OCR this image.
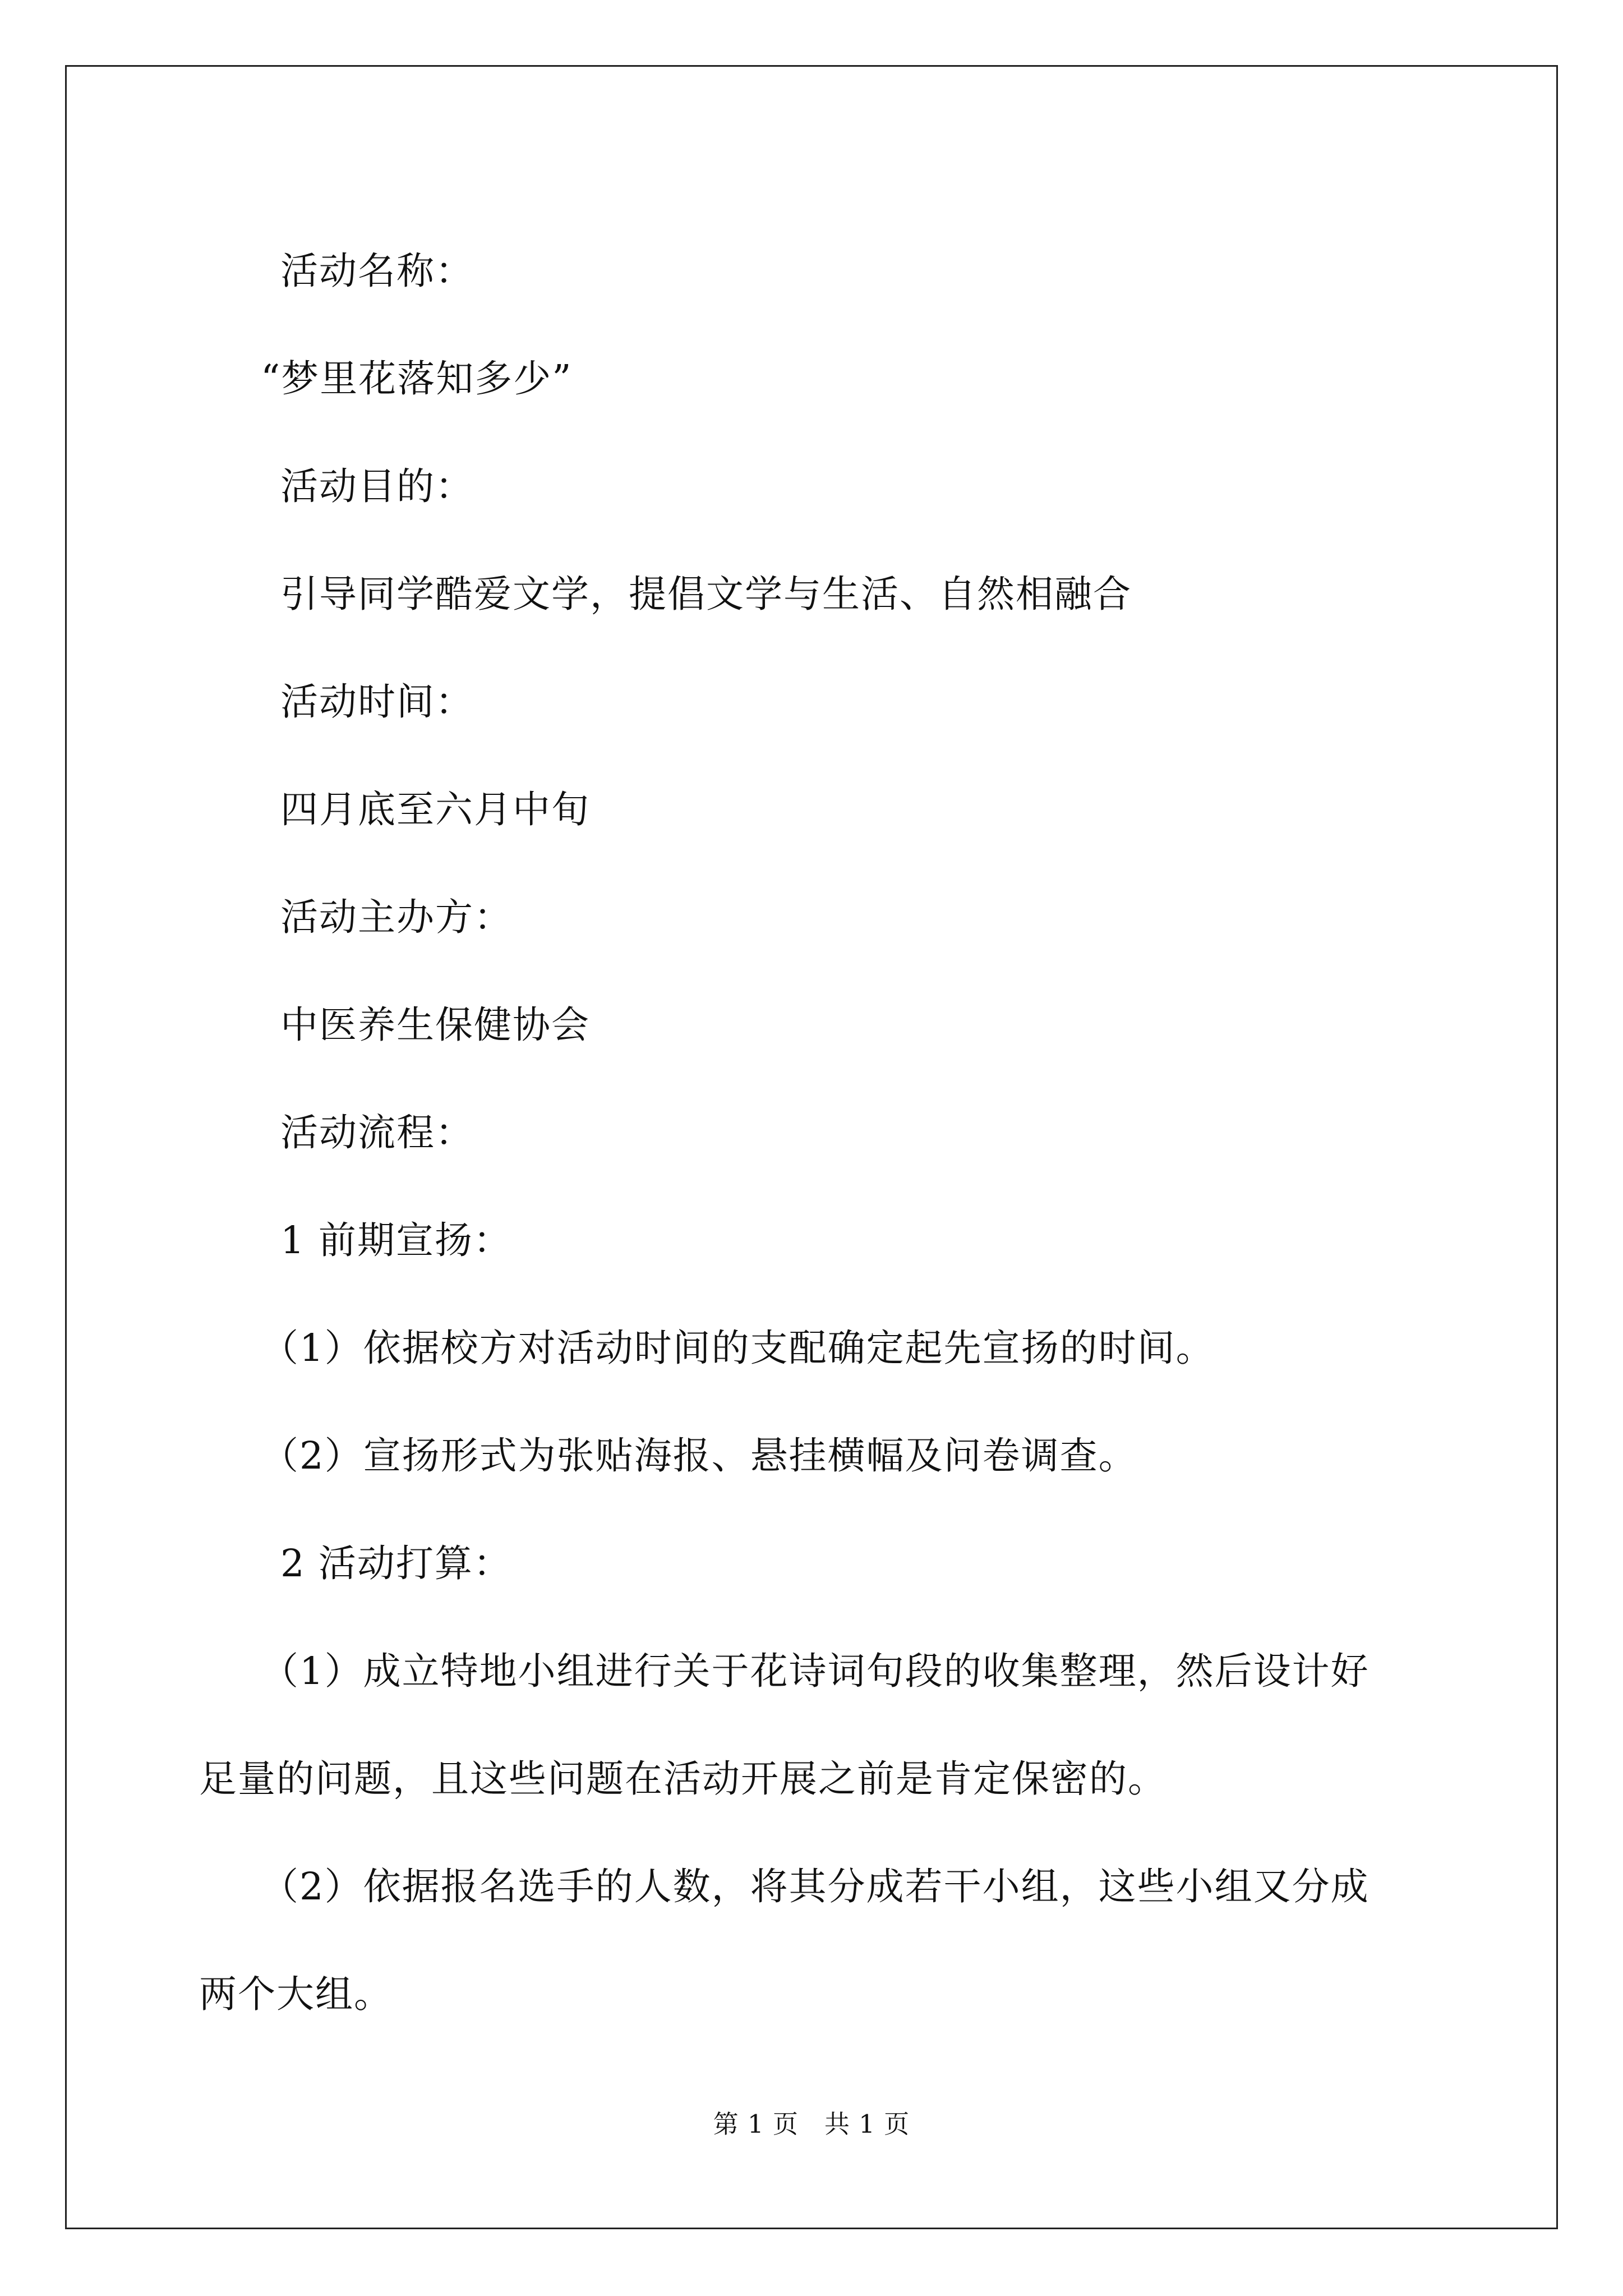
活动名称：
“梦里花落知多少”
活动目的：
引导同学酷爱文学，提倡文学与生活、自然相融合
活动时间：
四月底至六月中旬
活动主办方：
中医养生保健协会
活动流程：
1 前期宣扬：
（1）依据校方对活动时间的支配确定起先宣扬的时间。
（2）宣扬形式为张贴海报、悬挂横幅及问卷调查。
2 活动打算：
（1）成立特地小组进行关于花诗词句段的收集整理，然后设计好
足量的问题，且这些问题在活动开展之前是肯定保密的。
（2）依据报名选手的人数，将其分成若干小组，这些小组又分成
两个大组。
第 1 页　共 1 页
